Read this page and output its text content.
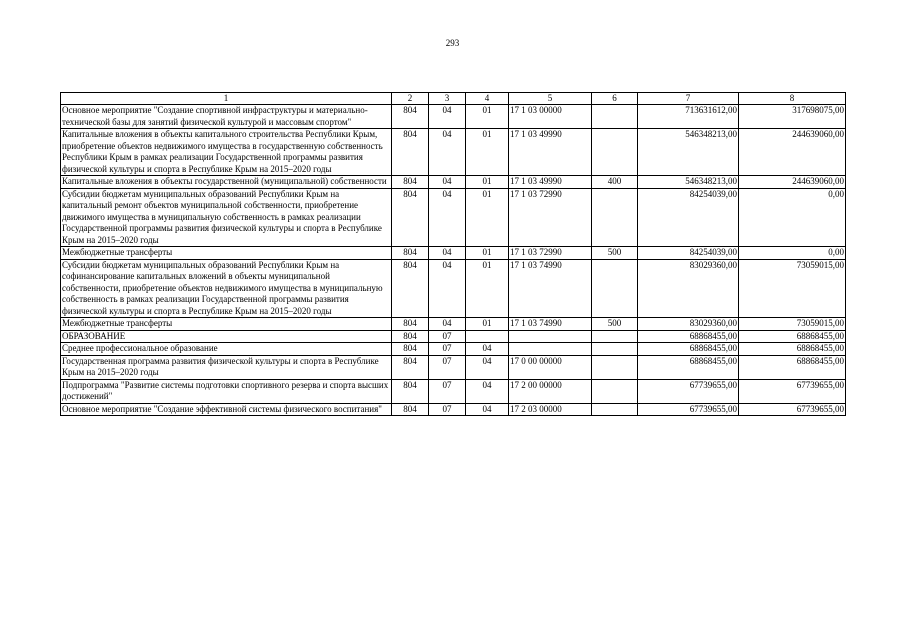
293
1	2	3	4	5	6	7	8
Основное мероприятие "Создание спортивной инфраструктуры и материально-технической базы для занятий физической культурой и массовым спортом"	804	04	01	17 1 03 00000		713631612,00	317698075,00
Капитальные вложения в объекты капитального строительства Республики Крым, приобретение объектов недвижимого имущества в государственную собственность Республики Крым в рамках реализации Государственной программы развития физической культуры и спорта в Республике Крым на 2015–2020 годы	804	04	01	17 1 03 49990		546348213,00	244639060,00
Капитальные вложения в объекты государственной (муниципальной) собственности	804	04	01	17 1 03 49990	400	546348213,00	244639060,00
Субсидии бюджетам муниципальных образований Республики Крым на капитальный ремонт объектов муниципальной собственности, приобретение движимого имущества в муниципальную собственность в рамках реализации Государственной программы развития физической культуры и спорта в Республике Крым на 2015–2020 годы	804	04	01	17 1 03 72990		84254039,00	0,00
Межбюджетные трансферты	804	04	01	17 1 03 72990	500	84254039,00	0,00
Субсидии бюджетам муниципальных образований Республики Крым на софинансирование капитальных вложений в объекты муниципальной собственности, приобретение объектов недвижимого имущества в муниципальную собственность в рамках реализации Государственной программы развития физической культуры и спорта в Республике Крым на 2015–2020 годы	804	04	01	17 1 03 74990		83029360,00	73059015,00
Межбюджетные трансферты	804	04	01	17 1 03 74990	500	83029360,00	73059015,00
ОБРАЗОВАНИЕ	804	07				68868455,00	68868455,00
Среднее профессиональное образование	804	07	04			68868455,00	68868455,00
Государственная программа развития физической культуры и спорта в Республике Крым на 2015–2020 годы	804	07	04	17 0 00 00000		68868455,00	68868455,00
Подпрограмма "Развитие системы подготовки спортивного резерва и спорта высших достижений"	804	07	04	17 2 00 00000		67739655,00	67739655,00
Основное мероприятие "Создание эффективной системы физического воспитания"	804	07	04	17 2 03 00000		67739655,00	67739655,00
